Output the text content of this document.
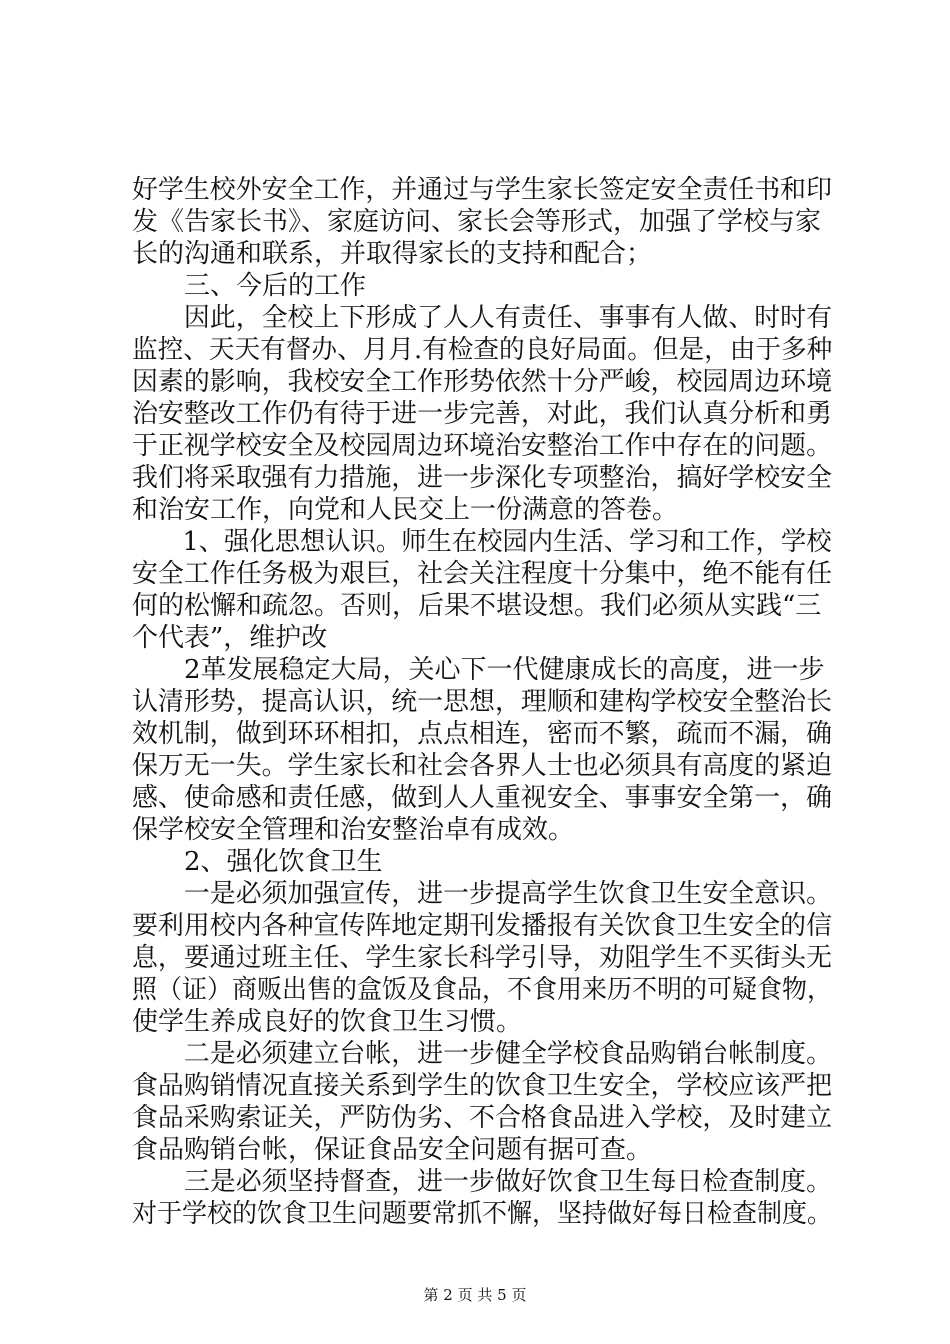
好学生校外安全工作，并通过与学生家长签定安全责任书和印
发《告家长书》、家庭访问、家长会等形式，加强了学校与家
长的沟通和联系，并取得家长的支持和配合；
　　三、今后的工作
　　因此，全校上下形成了人人有责任、事事有人做、时时有
监控、天天有督办、月月.有检查的良好局面。但是，由于多种
因素的影响，我校安全工作形势依然十分严峻，校园周边环境
治安整改工作仍有待于进一步完善，对此，我们认真分析和勇
于正视学校安全及校园周边环境治安整治工作中存在的问题。
我们将采取强有力措施，进一步深化专项整治，搞好学校安全
和治安工作，向党和人民交上一份满意的答卷。
　　1、强化思想认识。师生在校园内生活、学习和工作，学校
安全工作任务极为艰巨，社会关注程度十分集中，绝不能有任
何的松懈和疏忽。否则，后果不堪设想。我们必须从实践“三
个代表”，维护改
　　2革发展稳定大局，关心下一代健康成长的高度，进一步
认清形势，提高认识，统一思想，理顺和建构学校安全整治长
效机制，做到环环相扣，点点相连，密而不繁，疏而不漏，确
保万无一失。学生家长和社会各界人士也必须具有高度的紧迫
感、使命感和责任感，做到人人重视安全、事事安全第一，确
保学校安全管理和治安整治卓有成效。
　　2、强化饮食卫生
　　一是必须加强宣传，进一步提高学生饮食卫生安全意识。
要利用校内各种宣传阵地定期刊发播报有关饮食卫生安全的信
息，要通过班主任、学生家长科学引导，劝阻学生不买街头无
照（证）商贩出售的盒饭及食品，不食用来历不明的可疑食物，
使学生养成良好的饮食卫生习惯。
　　二是必须建立台帐，进一步健全学校食品购销台帐制度。
食品购销情况直接关系到学生的饮食卫生安全，学校应该严把
食品采购索证关，严防伪劣、不合格食品进入学校，及时建立
食品购销台帐，保证食品安全问题有据可查。
　　三是必须坚持督查，进一步做好饮食卫生每日检查制度。
对于学校的饮食卫生问题要常抓不懈，坚持做好每日检查制度。
第 2 页 共 5 页
